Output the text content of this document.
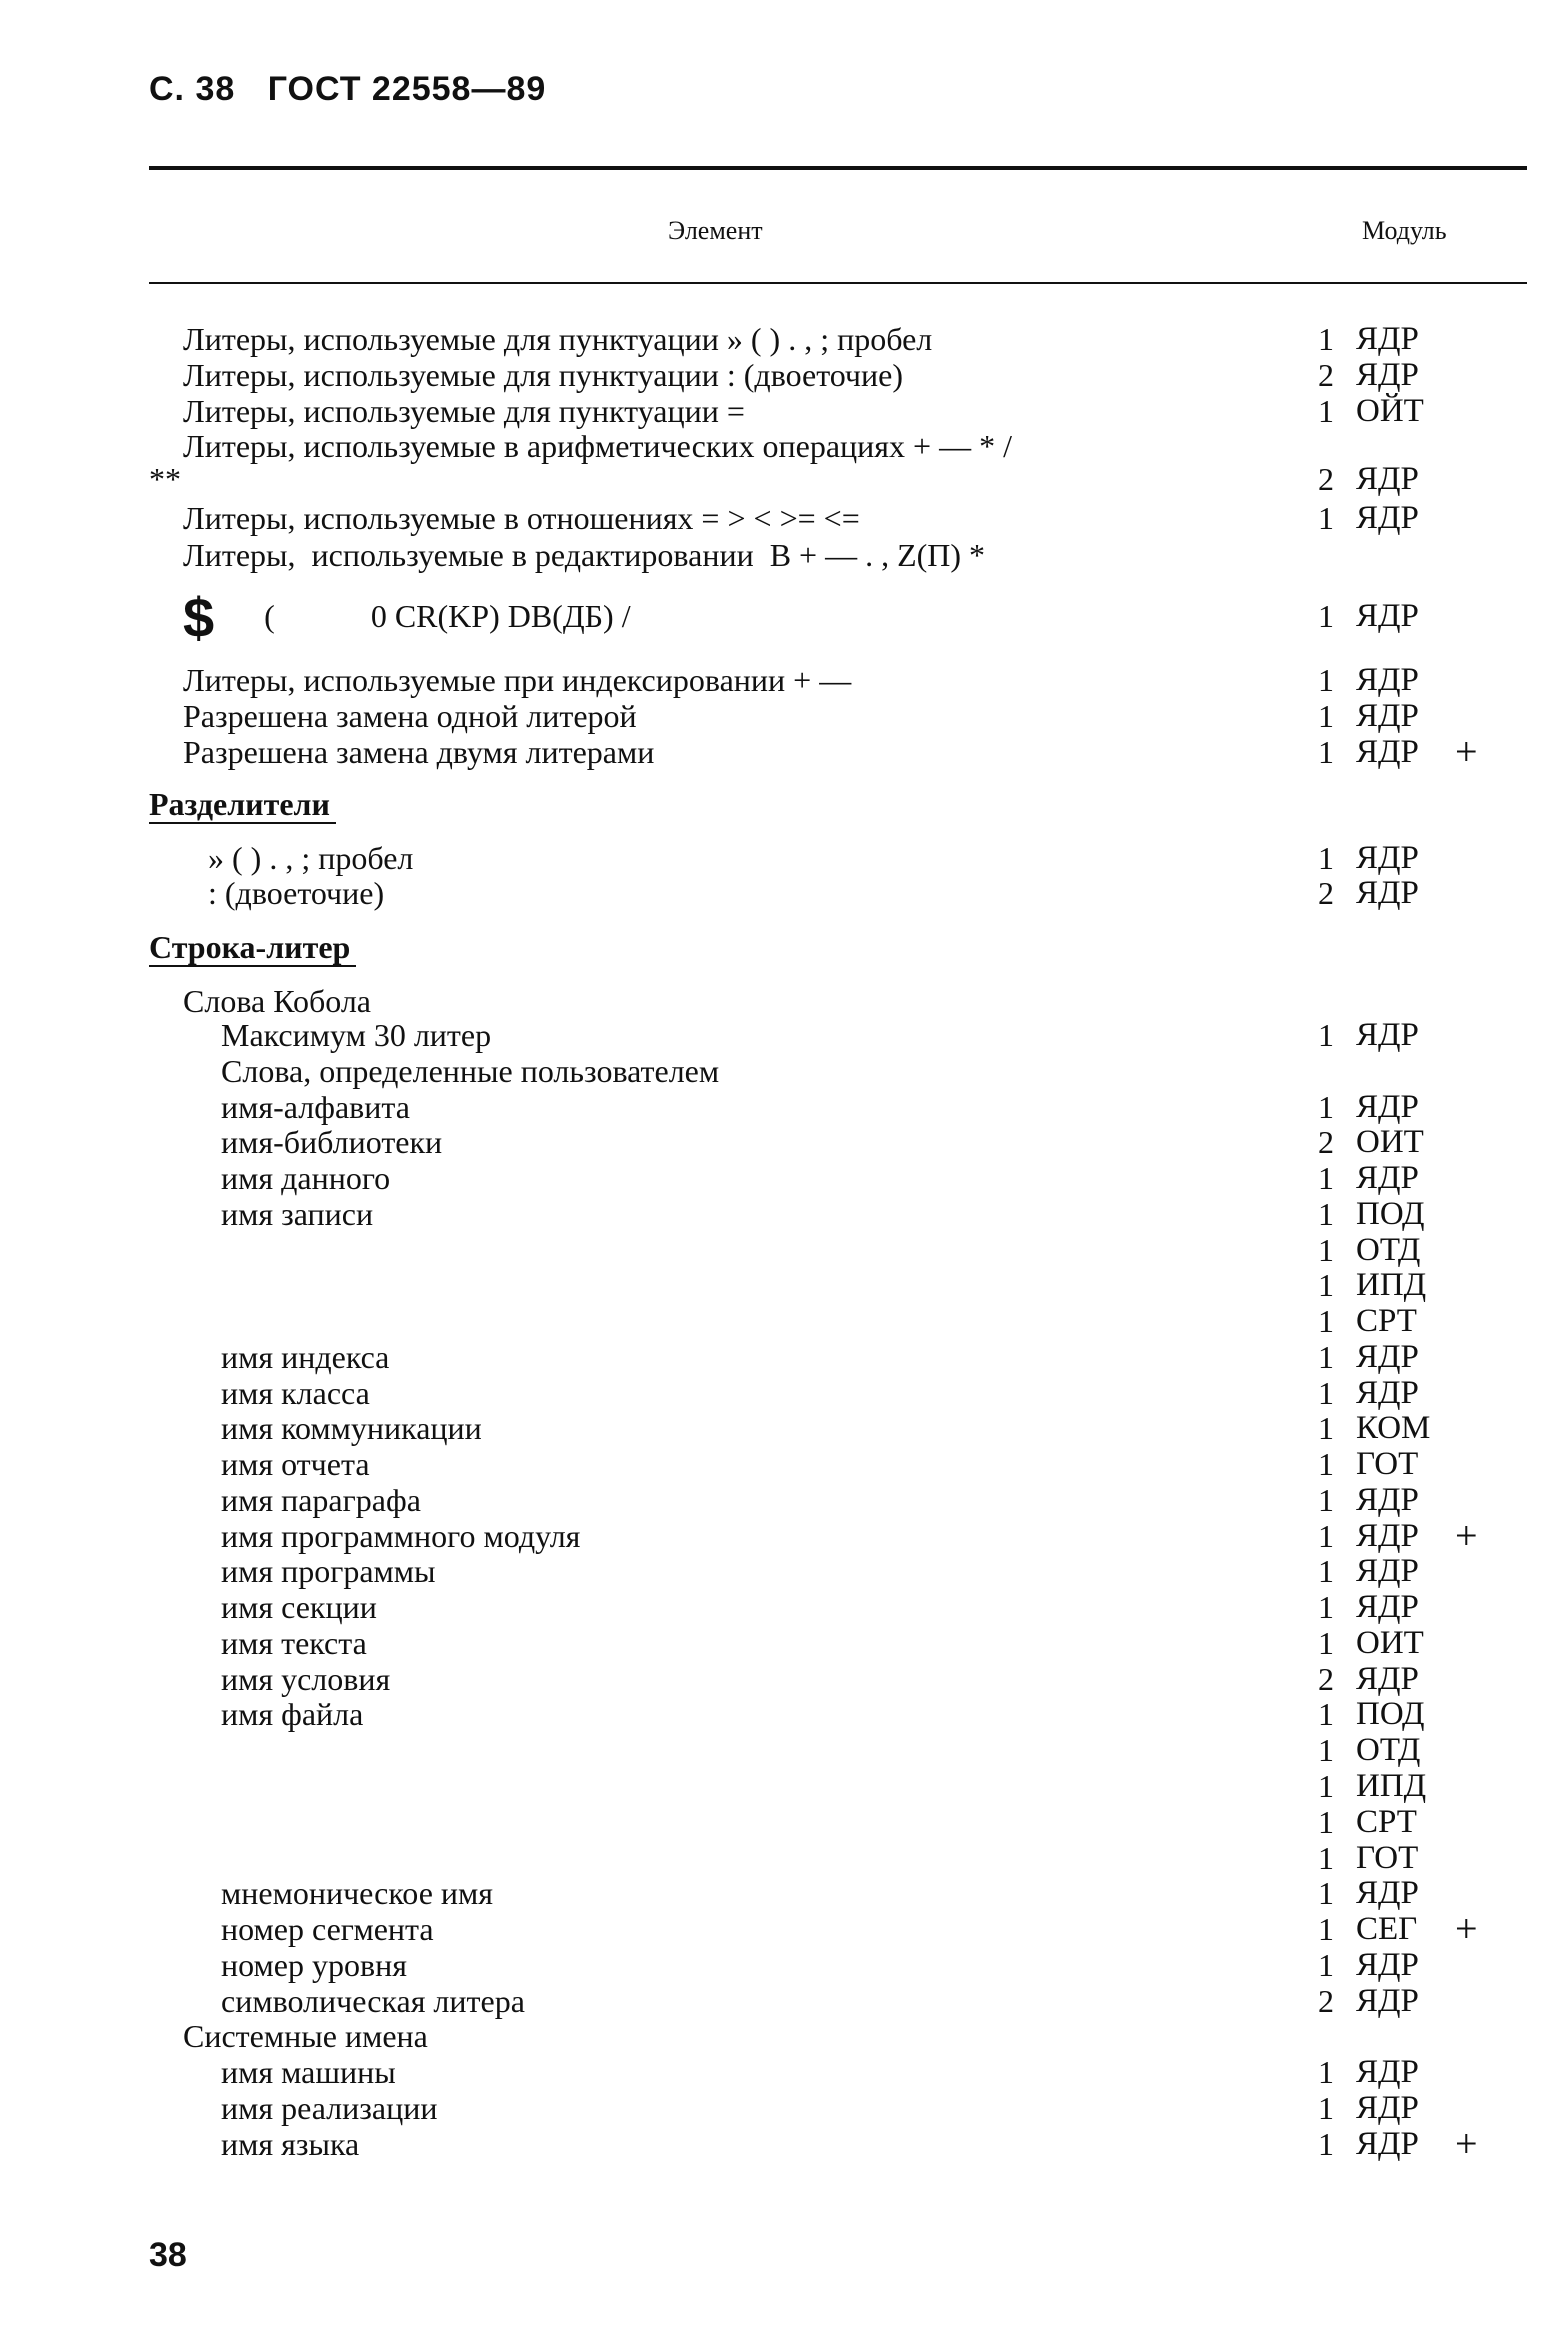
С. 38 ГОСТ 22558—89
Элемент	Модуль
Литеры, используемые для пунктуации » ( ) . , ; пробел	1 ЯДР
Литеры, используемые для пунктуации : (двоеточие)	2 ЯДР
Литеры, используемые для пунктуации =	1 ОЙТ
Литеры, используемые в арифметических операциях + — * /
**	2 ЯДР
Литеры, используемые в отношениях = > < >= <=	1 ЯДР
Литеры,  используемые в редактировании  B + — . , Z(П) *
$ (            0 CR(KP) DB(ДБ) /	1 ЯДР
Литеры, используемые при индексировании + —	1 ЯДР
Разрешена замена одной литерой	1 ЯДР
Разрешена замена двумя литерами	1 ЯДР +
Разделители
» ( ) . , ; пробел	1 ЯДР
: (двоеточие)	2 ЯДР
Строка-литер
Слова Кобола
Максимум 30 литер	1 ЯДР
Слова, определенные пользователем
имя-алфавита	1 ЯДР
имя-библиотеки	2 ОИТ
имя данного	1 ЯДР
имя записи	1 ПОД
1 ОТД
1 ИПД
1 СРТ
имя индекса	1 ЯДР
имя класса	1 ЯДР
имя коммуникации	1 КОМ
имя отчета	1 ГОТ
имя параграфа	1 ЯДР
имя программного модуля	1 ЯДР +
имя программы	1 ЯДР
имя секции	1 ЯДР
имя текста	1 ОИТ
имя условия	2 ЯДР
имя файла	1 ПОД
1 ОТД
1 ИПД
1 СРТ
1 ГОТ
мнемоническое имя	1 ЯДР
номер сегмента	1 СЕГ +
номер уровня	1 ЯДР
символическая литера	2 ЯДР
Системные имена
имя машины	1 ЯДР
имя реализации	1 ЯДР
имя языка	1 ЯДР +
38
